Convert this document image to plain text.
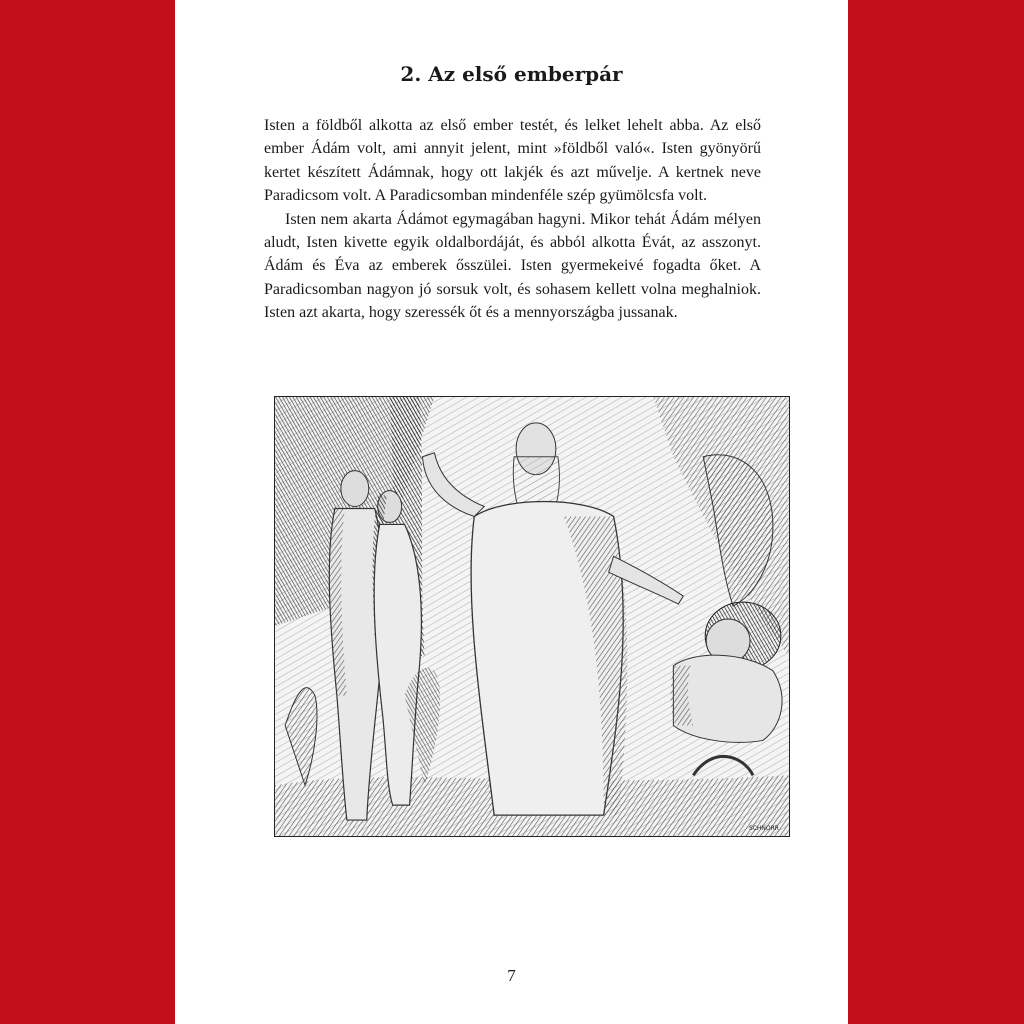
2. Az első emberpár

Isten a földből alkotta az első ember testét, és lelket lehelt abba. Az első ember Ádám volt, ami annyit jelent, mint »földből való«. Isten gyönyörű kertet készített Ádámnak, hogy ott lakjék és azt művelje. A kertnek neve Paradicsom volt. A Paradicsomban mindenféle szép gyümölcsfa volt.

Isten nem akarta Ádámot egymagában hagyni. Mikor tehát Ádám mélyen aludt, Isten kivette egyik oldalbordáját, és abból alkotta Évát, az asszonyt. Ádám és Éva az emberek ősszülei. Isten gyermekeivé fogadta őket. A Paradicsomban nagyon jó sorsuk volt, és sohasem kellett volna meghalniok. Isten azt akarta, hogy szeressék őt és a mennyországba jussanak.

SCHNORR
7
